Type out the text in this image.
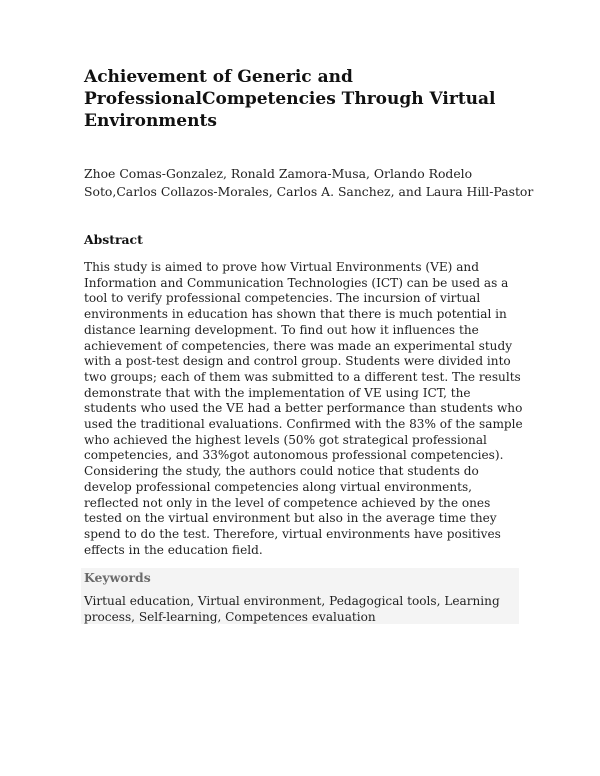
Achievement of Generic and ProfessionalCompetencies Through Virtual Environments

Zhoe Comas-Gonzalez, Ronald Zamora-Musa, Orlando Rodelo Soto,Carlos Collazos-Morales, Carlos A. Sanchez, and Laura Hill-Pastor

Abstract

This study is aimed to prove how Virtual Environments (VE) and Information and Communication Technologies (ICT) can be used as a tool to verify professional competencies. The incursion of virtual environments in education has shown that there is much potential in distance learning development. To find out how it influences the achievement of competencies, there was made an experimental study with a post-test design and control group. Students were divided into two groups; each of them was submitted to a different test. The results demonstrate that with the implementation of VE using ICT, the students who used the VE had a better performance than students who used the traditional evaluations. Confirmed with the 83% of the sample who achieved the highest levels (50% got strategical professional competencies, and 33%got autonomous professional competencies). Considering the study, the authors could notice that students do develop professional competencies along virtual environments, reflected not only in the level of competence achieved by the ones tested on the virtual environment but also in the average time they spend to do the test. Therefore, virtual environments have positives effects in the education field.

Keywords

Virtual education, Virtual environment, Pedagogical tools, Learning process, Self-learning, Competences evaluation
